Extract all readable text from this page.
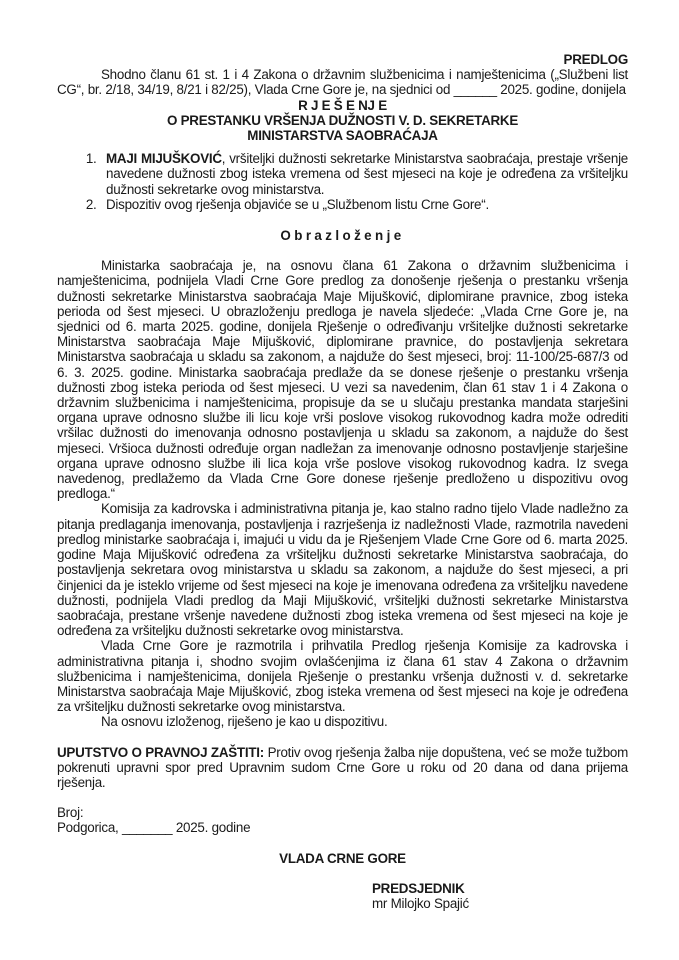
PREDLOG

Shodno članu 61 st. 1 i 4 Zakona o državnim službenicima i namještenicima („Službeni list CG“, br. 2/18, 34/19, 8/21 i 82/25), Vlada Crne Gore je, na sjednici od ______ 2025. godine, donijela

R J E Š E NJ E

O PRESTANKU VRŠENJA DUŽNOSTI V. D. SEKRETARKE

MINISTARSTVA SAOBRAĆAJA

1. MAJI MIJUŠKOVIĆ, vršiteljki dužnosti sekretarke Ministarstva saobraćaja, prestaje vršenje navedene dužnosti zbog isteka vremena od šest mjeseci na koje je određena za vršiteljku dužnosti sekretarke ovog ministarstva.
2. Dispozitiv ovog rješenja objaviće se u „Službenom listu Crne Gore“.

Obrazloženje

Ministarka saobraćaja je, na osnovu člana 61 Zakona o državnim službenicima i namještenicima, podnijela Vladi Crne Gore predlog za donošenje rješenja o prestanku vršenja dužnosti sekretarke Ministarstva saobraćaja Maje Mijušković, diplomirane pravnice, zbog isteka perioda od šest mjeseci. U obrazloženju predloga je navela sljedeće: „Vlada Crne Gore je, na sjednici od 6. marta 2025. godine, donijela Rješenje o određivanju vršiteljke dužnosti sekretarke Ministarstva saobraćaja Maje Mijušković, diplomirane pravnice, do postavljenja sekretara Ministarstva saobraćaja u skladu sa zakonom, a najduže do šest mjeseci, broj: 11-100/25-687/3 od 6. 3. 2025. godine. Ministarka saobraćaja predlaže da se donese rješenje o prestanku vršenja dužnosti zbog isteka perioda od šest mjeseci. U vezi sa navedenim, član 61 stav 1 i 4 Zakona o državnim službenicima i namještenicima, propisuje da se u slučaju prestanka mandata starješini organa uprave odnosno službe ili licu koje vrši poslove visokog rukovodnog kadra može odrediti vršilac dužnosti do imenovanja odnosno postavljenja u skladu sa zakonom, a najduže do šest mjeseci. Vršioca dužnosti određuje organ nadležan za imenovanje odnosno postavljenje starješine organa uprave odnosno službe ili lica koja vrše poslove visokog rukovodnog kadra. Iz svega navedenog, predlažemo da Vlada Crne Gore donese rješenje predloženo u dispozitivu ovog predloga.“

Komisija za kadrovska i administrativna pitanja je, kao stalno radno tijelo Vlade nadležno za pitanja predlaganja imenovanja, postavljenja i razrješenja iz nadležnosti Vlade, razmotrila navedeni predlog ministarke saobraćaja i, imajući u vidu da je Rješenjem Vlade Crne Gore od 6. marta 2025. godine Maja Mijušković određena za vršiteljku dužnosti sekretarke Ministarstva saobraćaja, do postavljenja sekretara ovog ministarstva u skladu sa zakonom, a najduže do šest mjeseci, a pri činjenici da je isteklo vrijeme od šest mjeseci na koje je imenovana određena za vršiteljku navedene dužnosti, podnijela Vladi predlog da Maji Mijušković, vršiteljki dužnosti sekretarke Ministarstva saobraćaja, prestane vršenje navedene dužnosti zbog isteka vremena od šest mjeseci na koje je određena za vršiteljku dužnosti sekretarke ovog ministarstva.

Vlada Crne Gore je razmotrila i prihvatila Predlog rješenja Komisije za kadrovska i administrativna pitanja i, shodno svojim ovlašćenjima iz člana 61 stav 4 Zakona o državnim službenicima i namještenicima, donijela Rješenje o prestanku vršenja dužnosti v. d. sekretarke Ministarstva saobraćaja Maje Mijušković, zbog isteka vremena od šest mjeseci na koje je određena za vršiteljku dužnosti sekretarke ovog ministarstva.

Na osnovu izloženog, riješeno je kao u dispozitivu.

UPUTSTVO O PRAVNOJ ZAŠTITI: Protiv ovog rješenja žalba nije dopuštena, već se može tužbom pokrenuti upravni spor pred Upravnim sudom Crne Gore u roku od 20 dana od dana prijema rješenja.

Broj:

Podgorica, _______ 2025. godine

VLADA CRNE GORE

PREDSJEDNIK

mr Milojko Spajić
